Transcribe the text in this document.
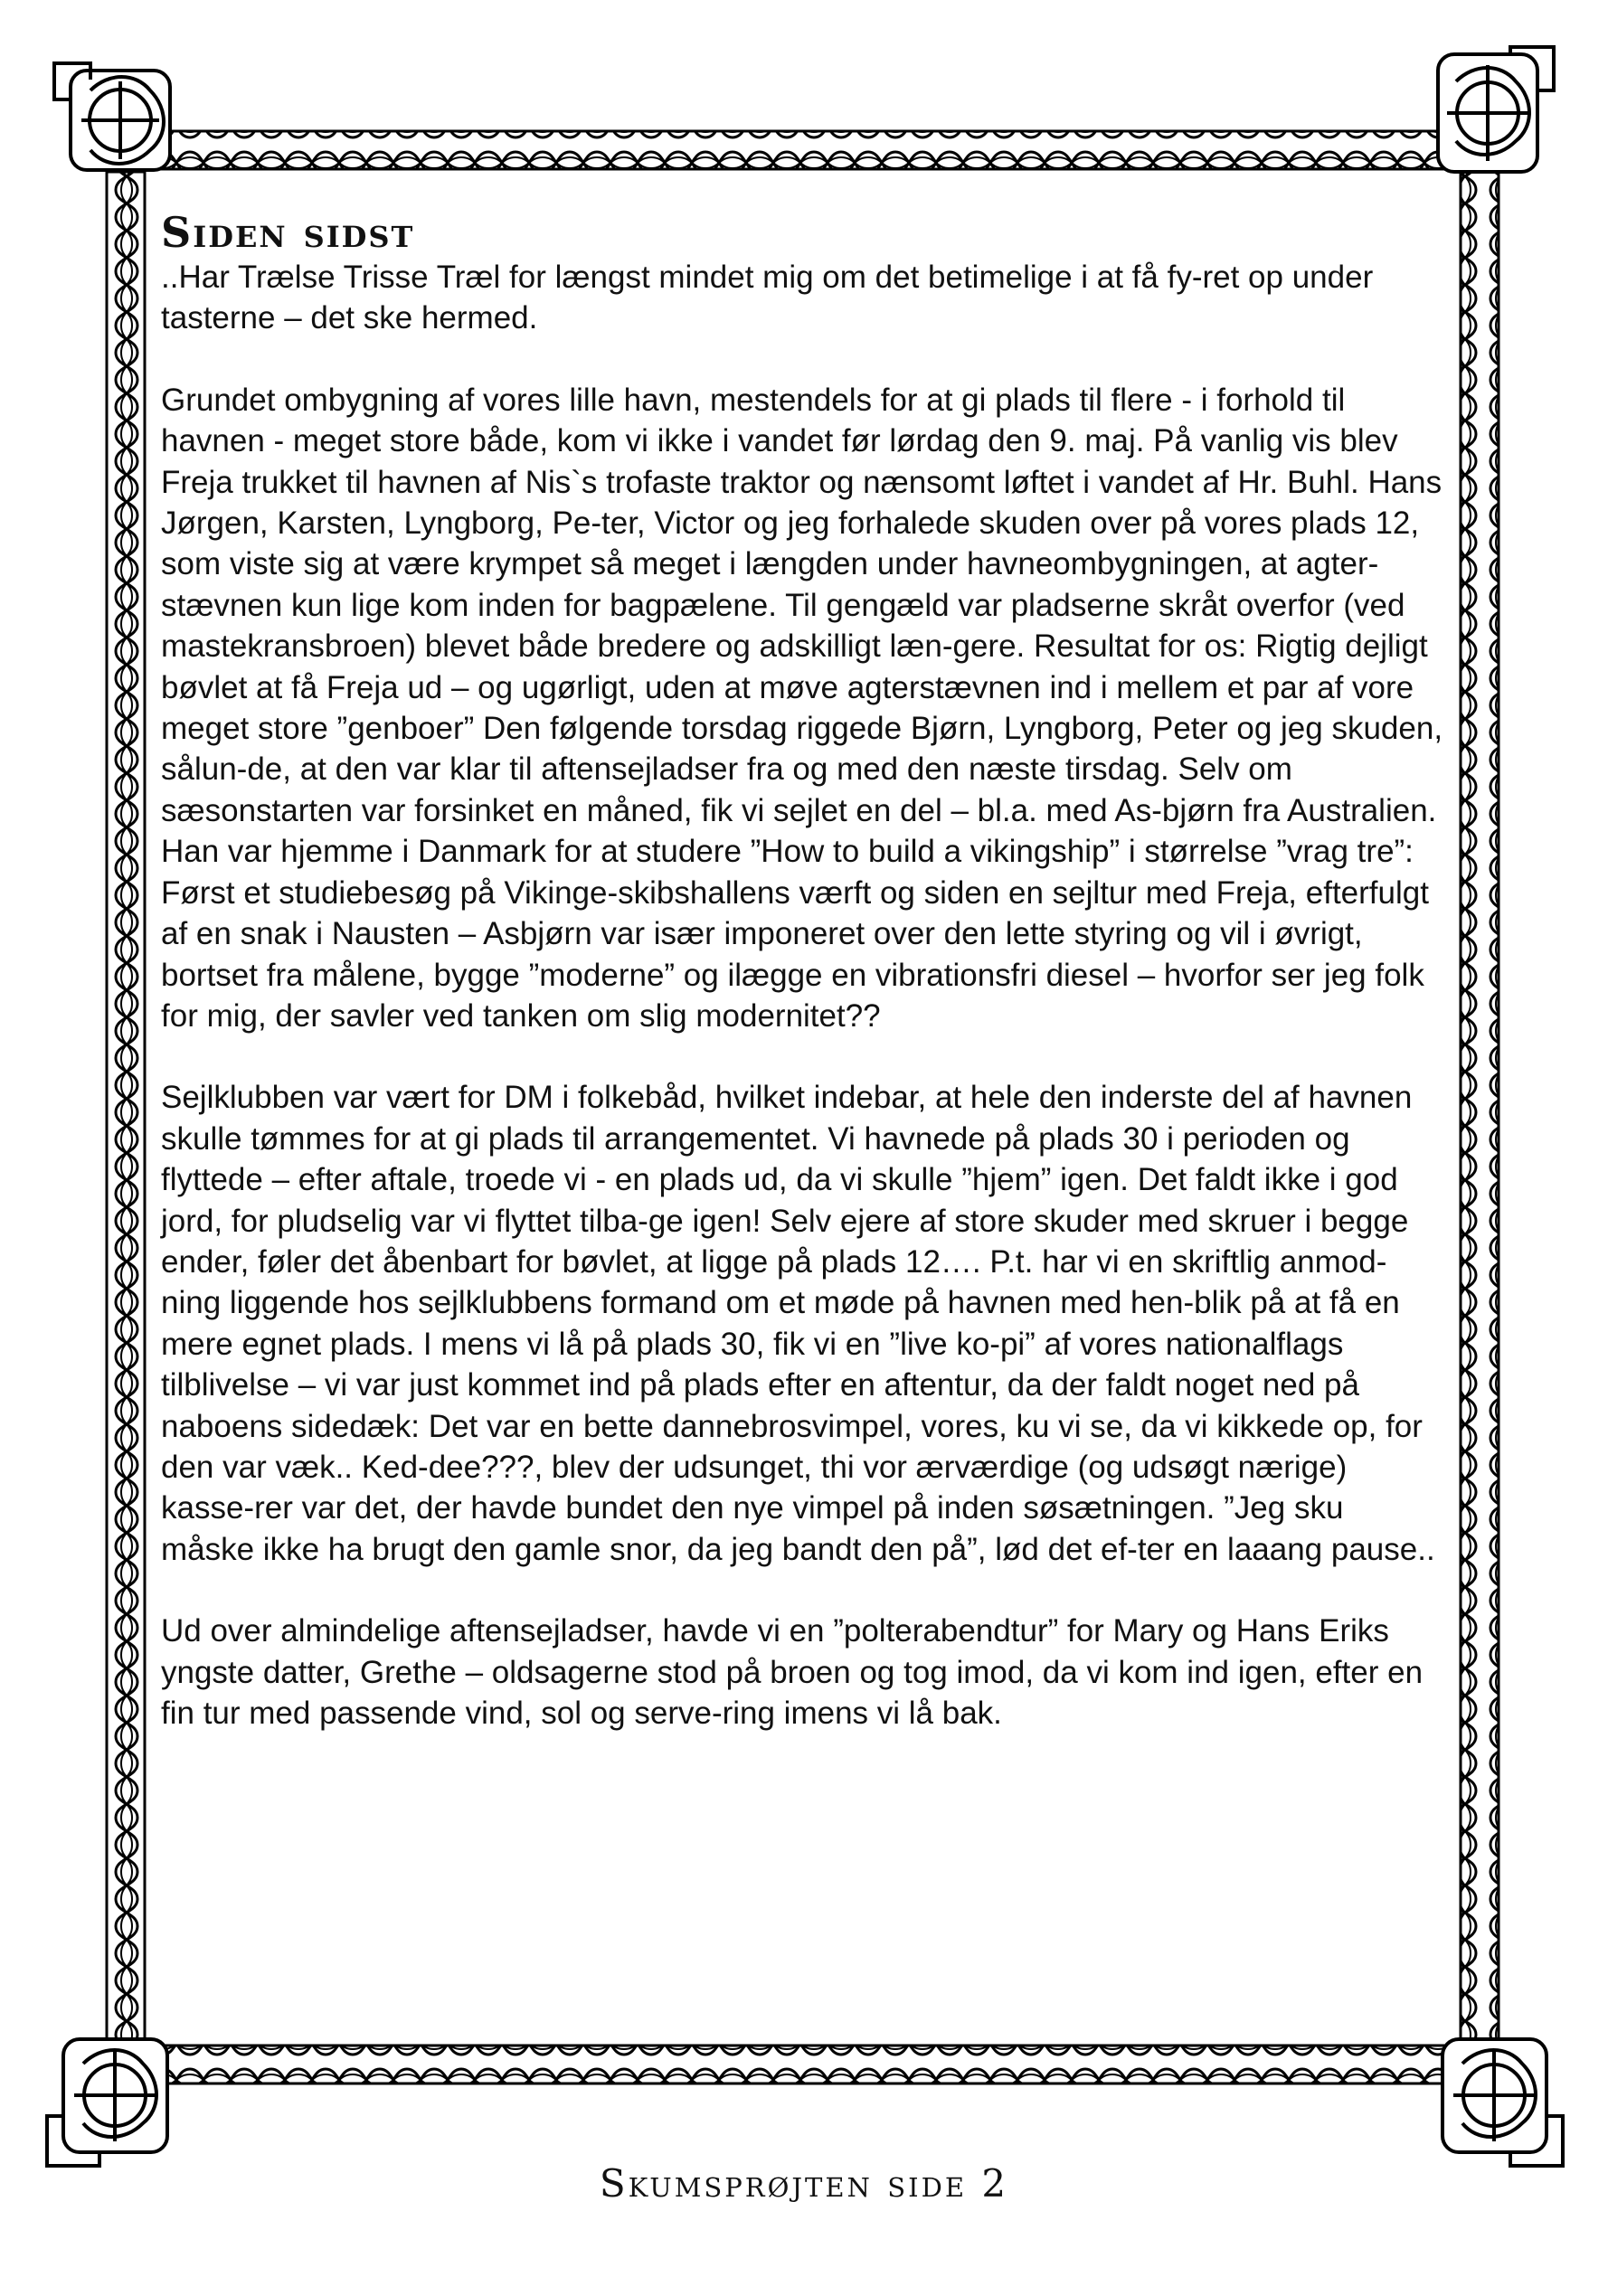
Siden sidst

..Har Trælse Trisse Træl for længst mindet mig om det betimelige i at få fy-ret op under tasterne – det ske hermed.

Grundet ombygning af vores lille havn, mestendels for at gi plads til flere - i forhold til havnen - meget store både, kom vi ikke i vandet før lørdag den 9. maj. På vanlig vis blev Freja trukket til havnen af Nis`s trofaste traktor og nænsomt løftet i vandet af Hr. Buhl. Hans Jørgen, Karsten, Lyngborg, Pe-ter, Victor og jeg forhalede skuden over på vores plads 12, som viste sig at være krympet så meget i længden under havneombygningen, at agter-stævnen kun lige kom inden for bagpælene. Til gengæld var pladserne skråt overfor (ved mastekransbroen) blevet både bredere og adskilligt læn-gere. Resultat for os: Rigtig dejligt bøvlet at få Freja ud – og ugørligt, uden at møve agterstævnen ind i mellem et par af vore meget store ”genboer” Den følgende torsdag riggede Bjørn, Lyngborg, Peter og jeg skuden, sålun-de, at den var klar til aftensejladser fra og med den næste tirsdag. Selv om sæsonstarten var forsinket en måned, fik vi sejlet en del – bl.a. med As-bjørn fra Australien. Han var hjemme i Danmark for at studere ”How to build a vikingship” i størrelse ”vrag tre”: Først et studiebesøg på Vikinge-skibshallens værft og siden en sejltur med Freja, efterfulgt af en snak i Nausten – Asbjørn var især imponeret over den lette styring og vil i øvrigt, bortset fra målene, bygge ”moderne” og ilægge en vibrationsfri diesel – hvorfor ser jeg folk for mig, der savler ved tanken om slig modernitet??

Sejlklubben var vært for DM i folkebåd, hvilket indebar, at hele den inderste del af havnen skulle tømmes for at gi plads til arrangementet. Vi havnede på plads 30 i perioden og flyttede – efter aftale, troede vi - en plads ud, da vi skulle ”hjem” igen. Det faldt ikke i god jord, for pludselig var vi flyttet tilba-ge igen! Selv ejere af store skuder med skruer i begge ender, føler det åbenbart for bøvlet, at ligge på plads 12…. P.t. har vi en skriftlig anmod-ning liggende hos sejlklubbens formand om et møde på havnen med hen-blik på at få en mere egnet plads. I mens vi lå på plads 30, fik vi en ”live ko-pi” af vores nationalflags tilblivelse – vi var just kommet ind på plads efter en aftentur, da der faldt noget ned på naboens sidedæk: Det var en bette dannebrosvimpel, vores, ku vi se, da vi kikkede op, for den var væk.. Ked-dee???, blev der udsunget, thi vor ærværdige (og udsøgt nærige) kasse-rer var det, der havde bundet den nye vimpel på inden søsætningen. ”Jeg sku måske ikke ha brugt den gamle snor, da jeg bandt den på”, lød det ef-ter en laaang pause..

Ud over almindelige aftensejladser, havde vi en ”polterabendtur” for Mary og Hans Eriks yngste datter, Grethe – oldsagerne stod på broen og tog imod, da vi kom ind igen, efter en fin tur med passende vind, sol og serve-ring imens vi lå bak.

Skumsprøjten side 2
